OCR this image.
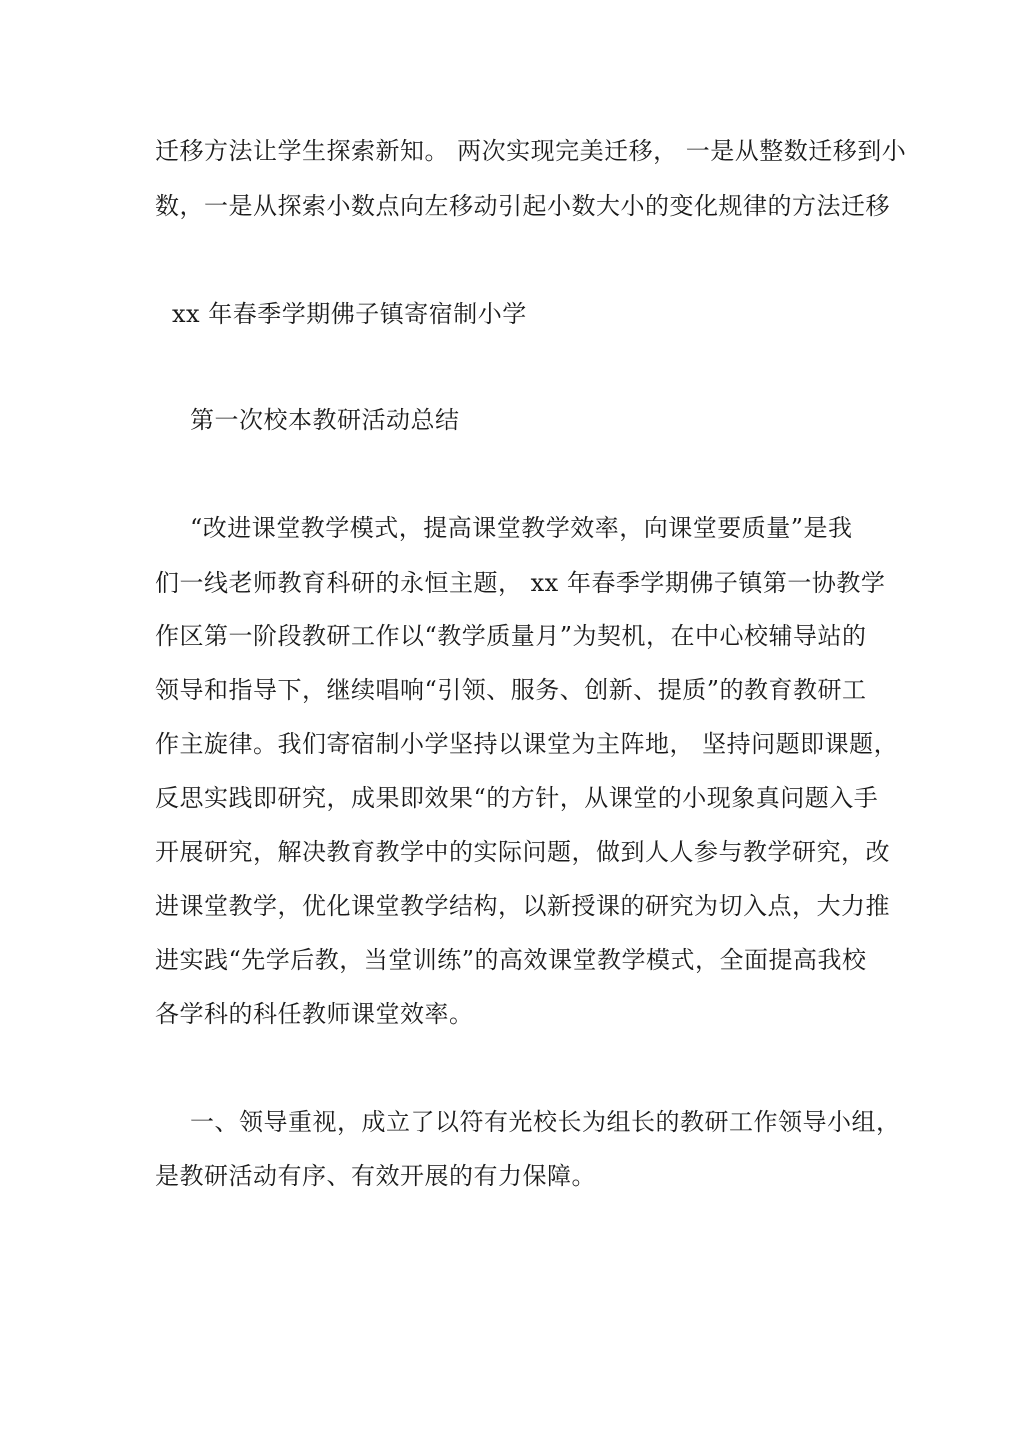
迁移方法让学生探索新知。 两次实现完美迁移， 一是从整数迁移到小
数，一是从探索小数点向左移动引起小数大小的变化规律的方法迁移
xx 年春季学期佛子镇寄宿制小学
第一次校本教研活动总结
“改进课堂教学模式，提高课堂教学效率，向课堂要质量”是我
们一线老师教育科研的永恒主题， xx 年春季学期佛子镇第一协教学
作区第一阶段教研工作以“教学质量月”为契机，在中心校辅导站的
领导和指导下，继续唱响“引领、服务、创新、提质”的教育教研工
作主旋律。我们寄宿制小学坚持以课堂为主阵地， 坚持问题即课题，
反思实践即研究，成果即效果“的方针，从课堂的小现象真问题入手
开展研究，解决教育教学中的实际问题，做到人人参与教学研究，改
进课堂教学，优化课堂教学结构，以新授课的研究为切入点，大力推
进实践“先学后教，当堂训练”的高效课堂教学模式，全面提高我校
各学科的科任教师课堂效率。
一、领导重视，成立了以符有光校长为组长的教研工作领导小组，
是教研活动有序、有效开展的有力保障。
